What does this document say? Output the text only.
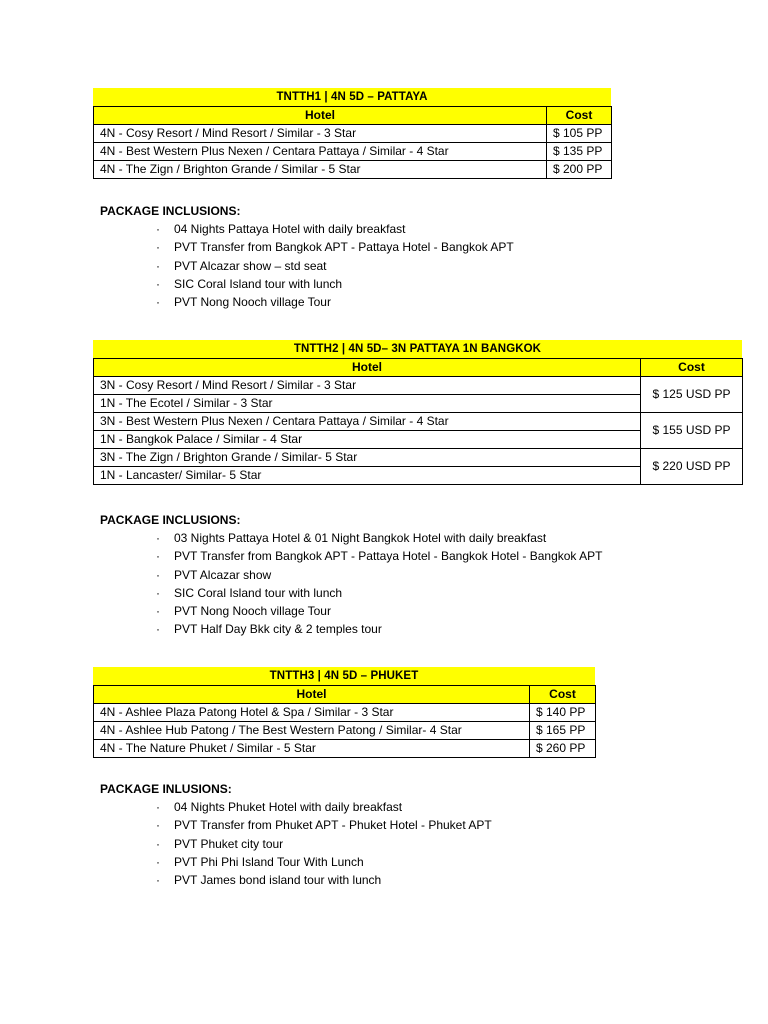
TNTTH1 | 4N 5D – PATTAYA
Hotel	Cost
4N - Cosy Resort / Mind Resort / Similar - 3 Star	$ 105 PP
4N - Best Western Plus Nexen / Centara Pattaya / Similar - 4 Star	$ 135 PP
4N - The Zign / Brighton Grande / Similar - 5 Star	$ 200 PP
PACKAGE INCLUSIONS:
· 04 Nights Pattaya Hotel with daily breakfast
· PVT Transfer from Bangkok APT - Pattaya Hotel - Bangkok APT
· PVT Alcazar show – std seat
· SIC Coral Island tour with lunch
· PVT Nong Nooch village Tour
TNTTH2 | 4N 5D– 3N PATTAYA 1N BANGKOK
Hotel	Cost
3N - Cosy Resort / Mind Resort / Similar - 3 Star	$ 125 USD PP
1N - The Ecotel / Similar - 3 Star	
3N - Best Western Plus Nexen / Centara Pattaya / Similar - 4 Star	$ 155 USD PP
1N - Bangkok Palace / Similar - 4 Star	
3N - The Zign / Brighton Grande / Similar- 5 Star	$ 220 USD PP
1N - Lancaster/ Similar- 5 Star	
PACKAGE INCLUSIONS:
· 03 Nights Pattaya Hotel & 01 Night Bangkok Hotel with daily breakfast
· PVT Transfer from Bangkok APT - Pattaya Hotel - Bangkok Hotel - Bangkok APT
· PVT Alcazar show
· SIC Coral Island tour with lunch
· PVT Nong Nooch village Tour
· PVT Half Day Bkk city & 2 temples tour
TNTTH3 | 4N 5D – PHUKET
Hotel	Cost
4N - Ashlee Plaza Patong Hotel & Spa / Similar - 3 Star	$ 140 PP
4N - Ashlee Hub Patong / The Best Western Patong / Similar- 4 Star	$ 165 PP
4N - The Nature Phuket / Similar - 5 Star	$ 260 PP
PACKAGE INLUSIONS:
· 04 Nights Phuket Hotel with daily breakfast
· PVT Transfer from Phuket APT - Phuket Hotel - Phuket APT
· PVT Phuket city tour
· PVT Phi Phi Island Tour With Lunch
· PVT James bond island tour with lunch
